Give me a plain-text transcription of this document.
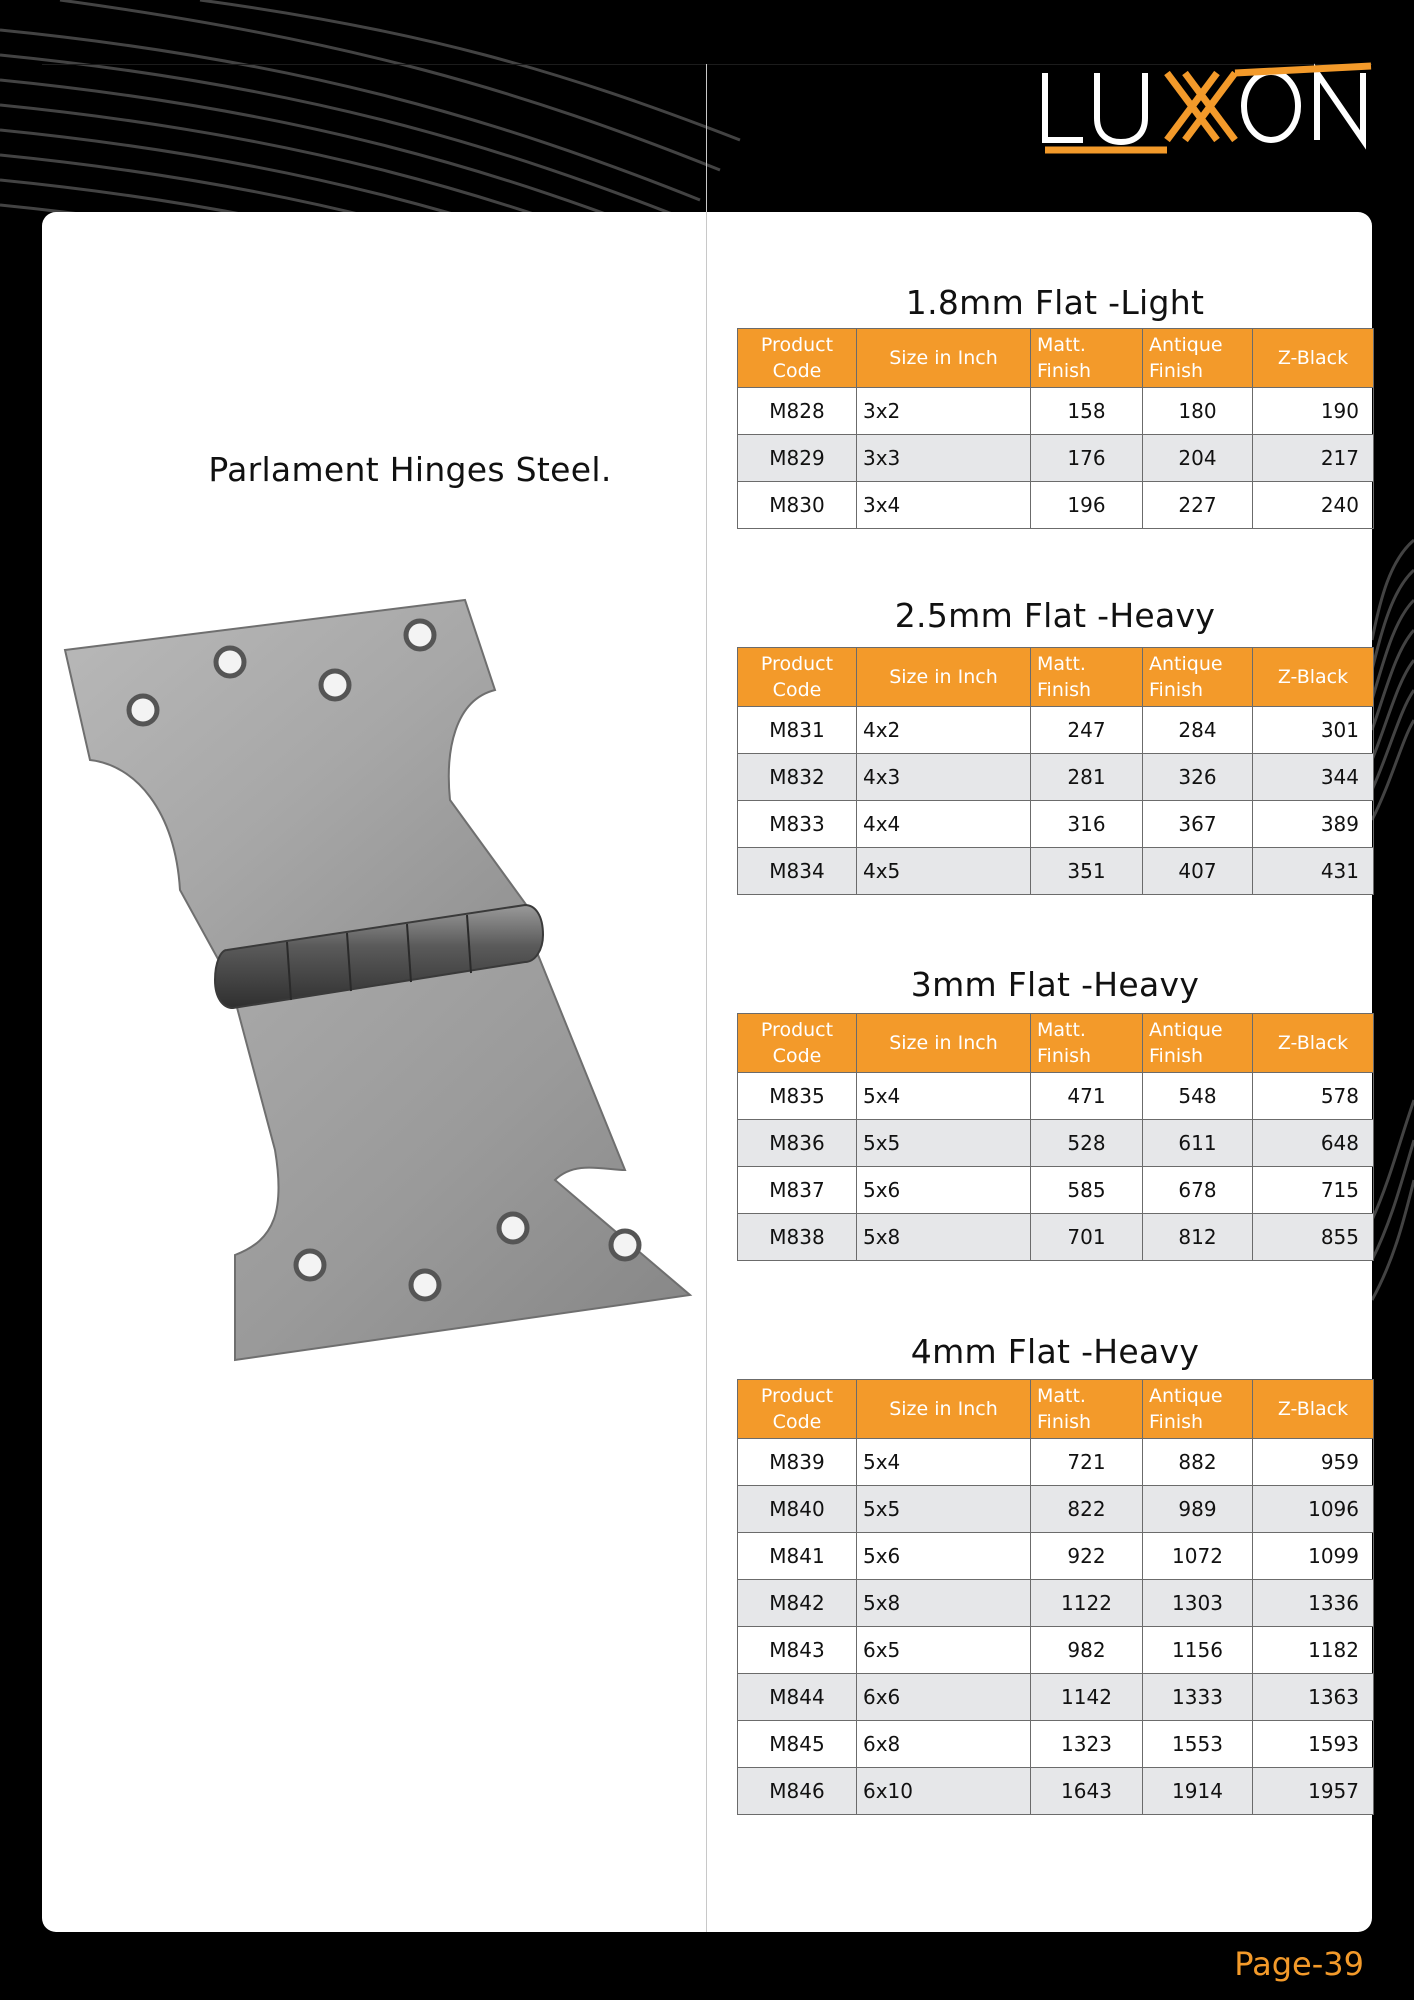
Parlament Hinges Steel.
1.8mm Flat -Light
Product Code	Size in Inch	Matt. Finish	Antique Finish	Z-Black
M828	3x2	158	180	190
M829	3x3	176	204	217
M830	3x4	196	227	240
2.5mm Flat -Heavy
Product Code	Size in Inch	Matt. Finish	Antique Finish	Z-Black
M831	4x2	247	284	301
M832	4x3	281	326	344
M833	4x4	316	367	389
M834	4x5	351	407	431
3mm Flat -Heavy
Product Code	Size in Inch	Matt. Finish	Antique Finish	Z-Black
M835	5x4	471	548	578
M836	5x5	528	611	648
M837	5x6	585	678	715
M838	5x8	701	812	855
4mm Flat -Heavy
Product Code	Size in Inch	Matt. Finish	Antique Finish	Z-Black
M839	5x4	721	882	959
M840	5x5	822	989	1096
M841	5x6	922	1072	1099
M842	5x8	1122	1303	1336
M843	6x5	982	1156	1182
M844	6x6	1142	1333	1363
M845	6x8	1323	1553	1593
M846	6x10	1643	1914	1957
Page-39
